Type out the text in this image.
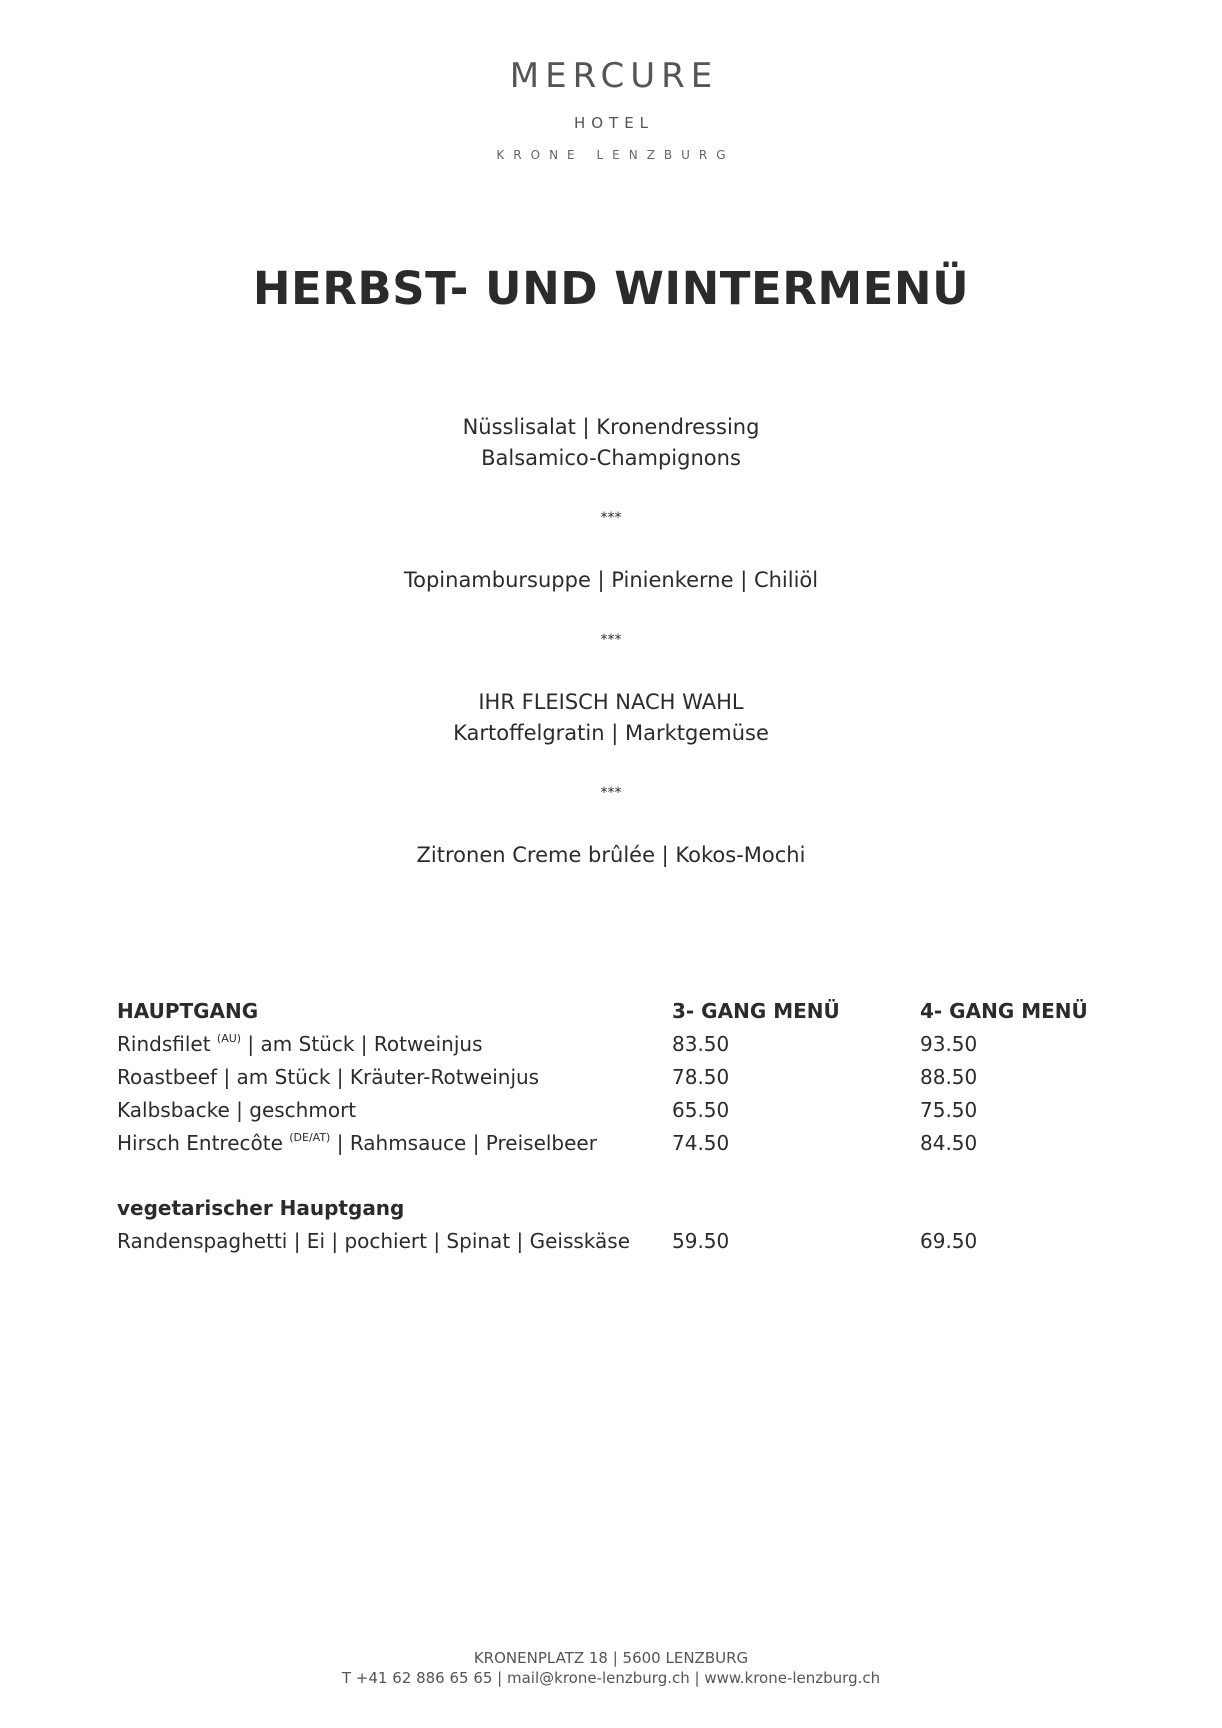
MERCURE
HOTEL
KRONE LENZBURG
HERBST- UND WINTERMENÜ
Nüsslisalat | Kronendressing
Balsamico-Champignons
***
Topinambursuppe | Pinienkerne | Chiliöl
***
IHR FLEISCH NACH WAHL
Kartoffelgratin | Marktgemüse
***
Zitronen Creme brûlée | Kokos-Mochi
HAUPTGANG	3- GANG MENÜ	4- GANG MENÜ
Rindsfilet $^{(AU)}$ | am Stück | Rotweinjus	83.50	93.50
Roastbeef | am Stück | Kräuter-Rotweinjus	78.50	88.50
Kalbsbacke | geschmort	65.50	75.50
Hirsch Entrecôte $^{(DE/AT)}$ | Rahmsauce | Preiselbeer	74.50	84.50
vegetarischer Hauptgang
Randenspaghetti | Ei | pochiert | Spinat | Geisskäse 59.50	69.50
KRONENPLATZ 18 | 5600 LENZBURG
T +41 62 886 65 65 | mail@krone-lenzburg.ch | www.krone-lenzburg.ch
